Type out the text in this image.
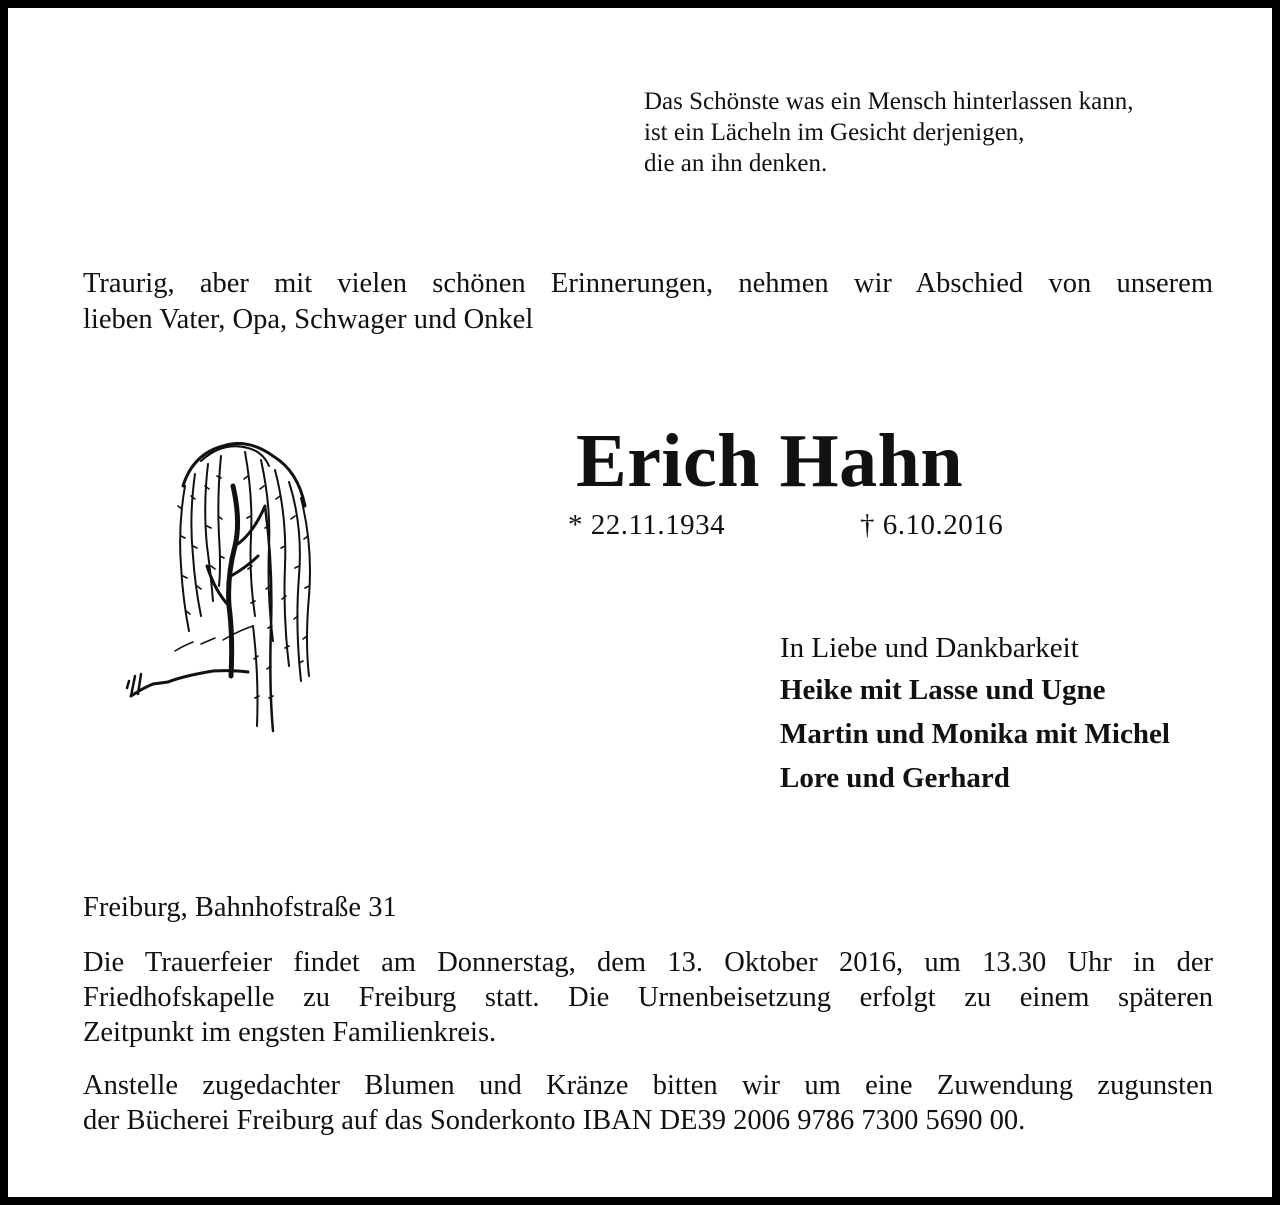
Das Schönste was ein Mensch hinterlassen kann,
ist ein Lächeln im Gesicht derjenigen,
die an ihn denken.
Traurig, aber mit vielen schönen Erinnerungen, nehmen wir Abschied von unserem
lieben Vater, Opa, Schwager und Onkel
Erich Hahn
* 22.11.1934	† 6.10.2016
In Liebe und Dankbarkeit
Heike mit Lasse und Ugne
Martin und Monika mit Michel
Lore und Gerhard
Freiburg, Bahnhofstraße 31
Die Trauerfeier findet am Donnerstag, dem 13. Oktober 2016, um 13.30 Uhr in der
Friedhofskapelle zu Freiburg statt. Die Urnenbeisetzung erfolgt zu einem späteren
Zeitpunkt im engsten Familienkreis.
Anstelle zugedachter Blumen und Kränze bitten wir um eine Zuwendung zugunsten
der Bücherei Freiburg auf das Sonderkonto IBAN DE39 2006 9786 7300 5690 00.
